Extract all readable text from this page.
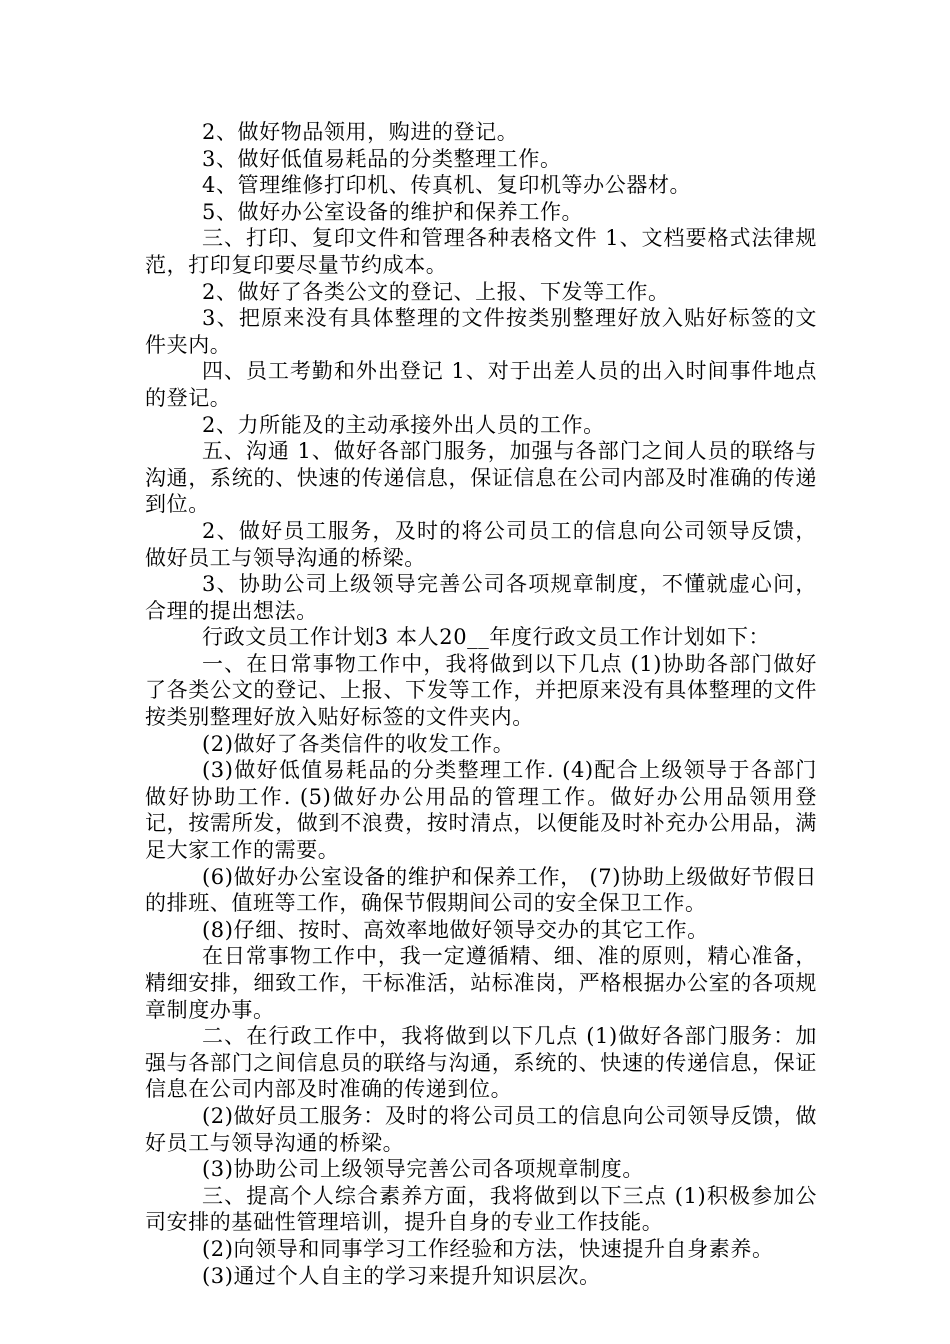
2、做好物品领用，购进的登记。

3、做好低值易耗品的分类整理工作。

4、管理维修打印机、传真机、复印机等办公器材。

5、做好办公室设备的维护和保养工作。

三、打印、复印文件和管理各种表格文件 1、文档要格式法律规范，打印复印要尽量节约成本。

2、做好了各类公文的登记、上报、下发等工作。

3、把原来没有具体整理的文件按类别整理好放入贴好标签的文件夹内。

四、员工考勤和外出登记 1、对于出差人员的出入时间事件地点的登记。

2、力所能及的主动承接外出人员的工作。

五、沟通 1、做好各部门服务，加强与各部门之间人员的联络与沟通，系统的、快速的传递信息，保证信息在公司内部及时准确的传递到位。

2、做好员工服务，及时的将公司员工的信息向公司领导反馈，做好员工与领导沟通的桥梁。

3、协助公司上级领导完善公司各项规章制度，不懂就虚心问，合理的提出想法。

行政文员工作计划3 本人20__年度行政文员工作计划如下：

一、在日常事物工作中，我将做到以下几点 (1)协助各部门做好了各类公文的登记、上报、下发等工作，并把原来没有具体整理的文件按类别整理好放入贴好标签的文件夹内。

(2)做好了各类信件的收发工作。

(3)做好低值易耗品的分类整理工作. (4)配合上级领导于各部门做好协助工作. (5)做好办公用品的管理工作。做好办公用品领用登记，按需所发，做到不浪费，按时清点，以便能及时补充办公用品，满足大家工作的需要。

(6)做好办公室设备的维护和保养工作， (7)协助上级做好节假日的排班、值班等工作，确保节假期间公司的安全保卫工作。

(8)仔细、按时、高效率地做好领导交办的其它工作。

在日常事物工作中，我一定遵循精、细、准的原则，精心准备，精细安排，细致工作，干标准活，站标准岗，严格根据办公室的各项规章制度办事。

二、在行政工作中，我将做到以下几点 (1)做好各部门服务：加强与各部门之间信息员的联络与沟通，系统的、快速的传递信息，保证信息在公司内部及时准确的传递到位。

(2)做好员工服务：及时的将公司员工的信息向公司领导反馈，做好员工与领导沟通的桥梁。

(3)协助公司上级领导完善公司各项规章制度。

三、提高个人综合素养方面，我将做到以下三点 (1)积极参加公司安排的基础性管理培训，提升自身的专业工作技能。

(2)向领导和同事学习工作经验和方法，快速提升自身素养。

(3)通过个人自主的学习来提升知识层次。
